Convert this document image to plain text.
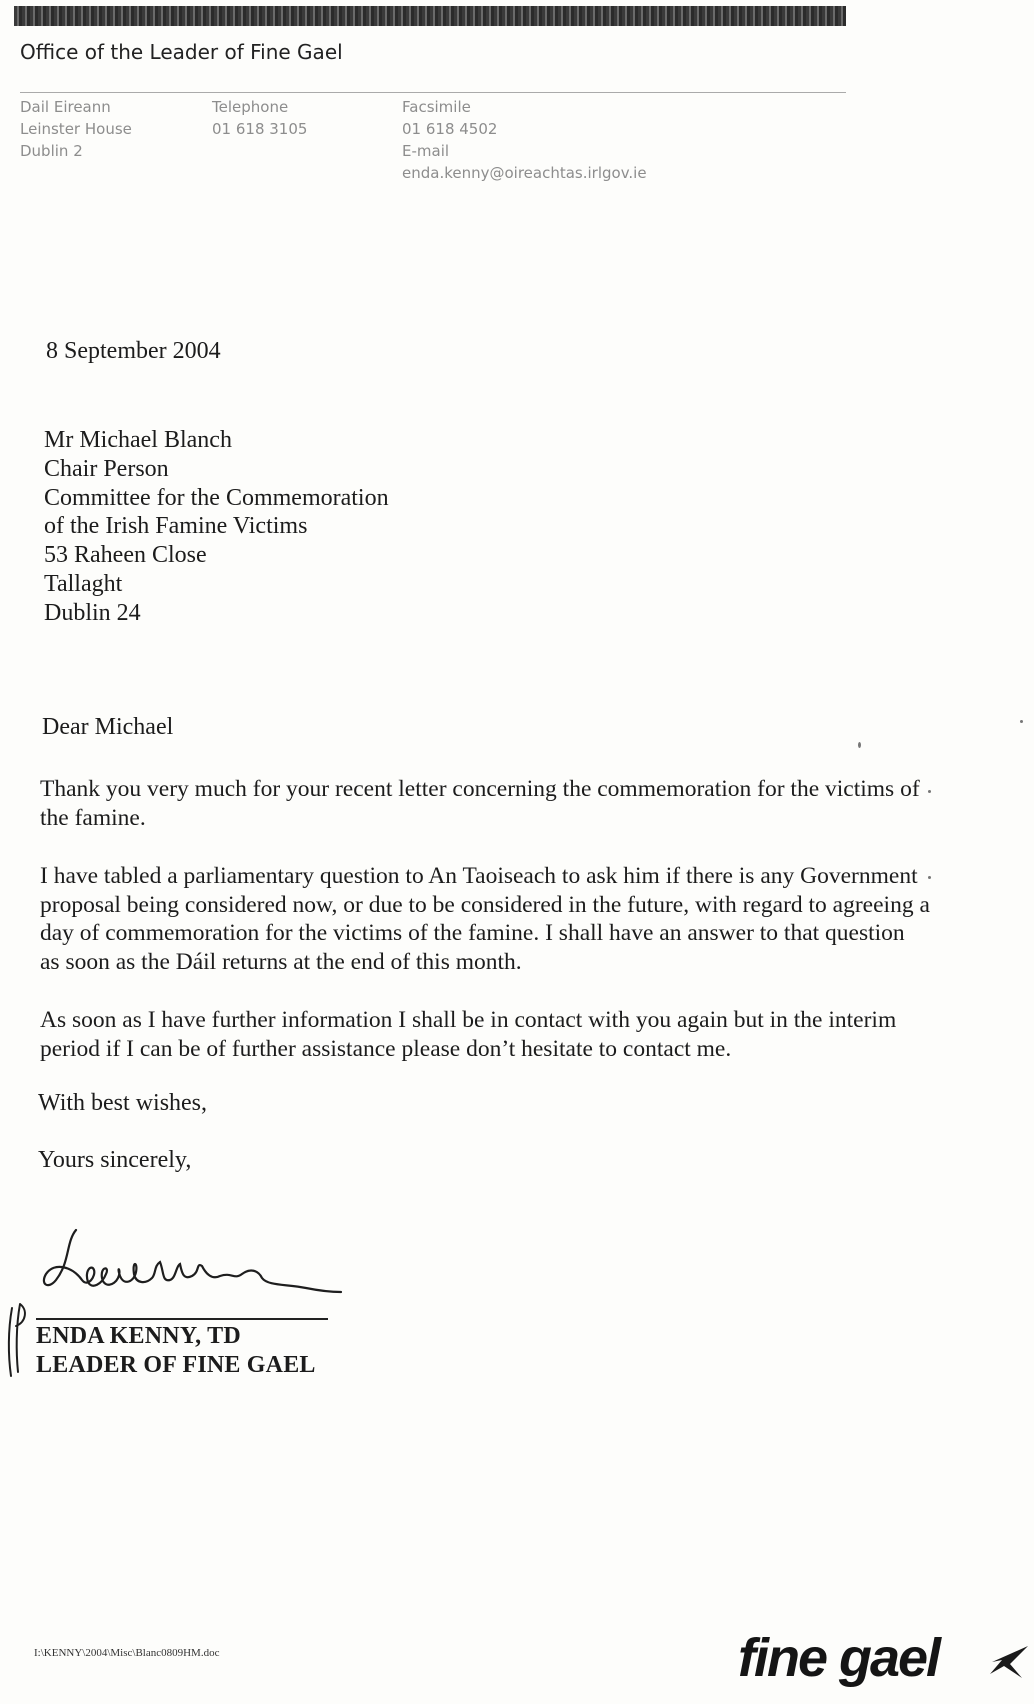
Office of the Leader of Fine Gael
Dail Eireann
Leinster House
Dublin 2
Telephone
01 618 3105
Facsimile
01 618 4502
E-mail
enda.kenny@oireachtas.irlgov.ie
8 September 2004
Mr Michael Blanch
Chair Person
Committee for the Commemoration
of the Irish Famine Victims
53 Raheen Close
Tallaght
Dublin 24
Dear Michael
Thank you very much for your recent letter concerning the commemoration for the victims of the famine.
I have tabled a parliamentary question to An Taoiseach to ask him if there is any Government proposal being considered now, or due to be considered in the future, with regard to agreeing a day of commemoration for the victims of the famine. I shall have an answer to that question as soon as the Dáil returns at the end of this month.
As soon as I have further information I shall be in contact with you again but in the interim period if I can be of further assistance please don’t hesitate to contact me.
With best wishes,
Yours sincerely,
ENDA KENNY, TD
LEADER OF FINE GAEL
I:\KENNY\2004\Misc\Blanc0809HM.doc	fine gael
